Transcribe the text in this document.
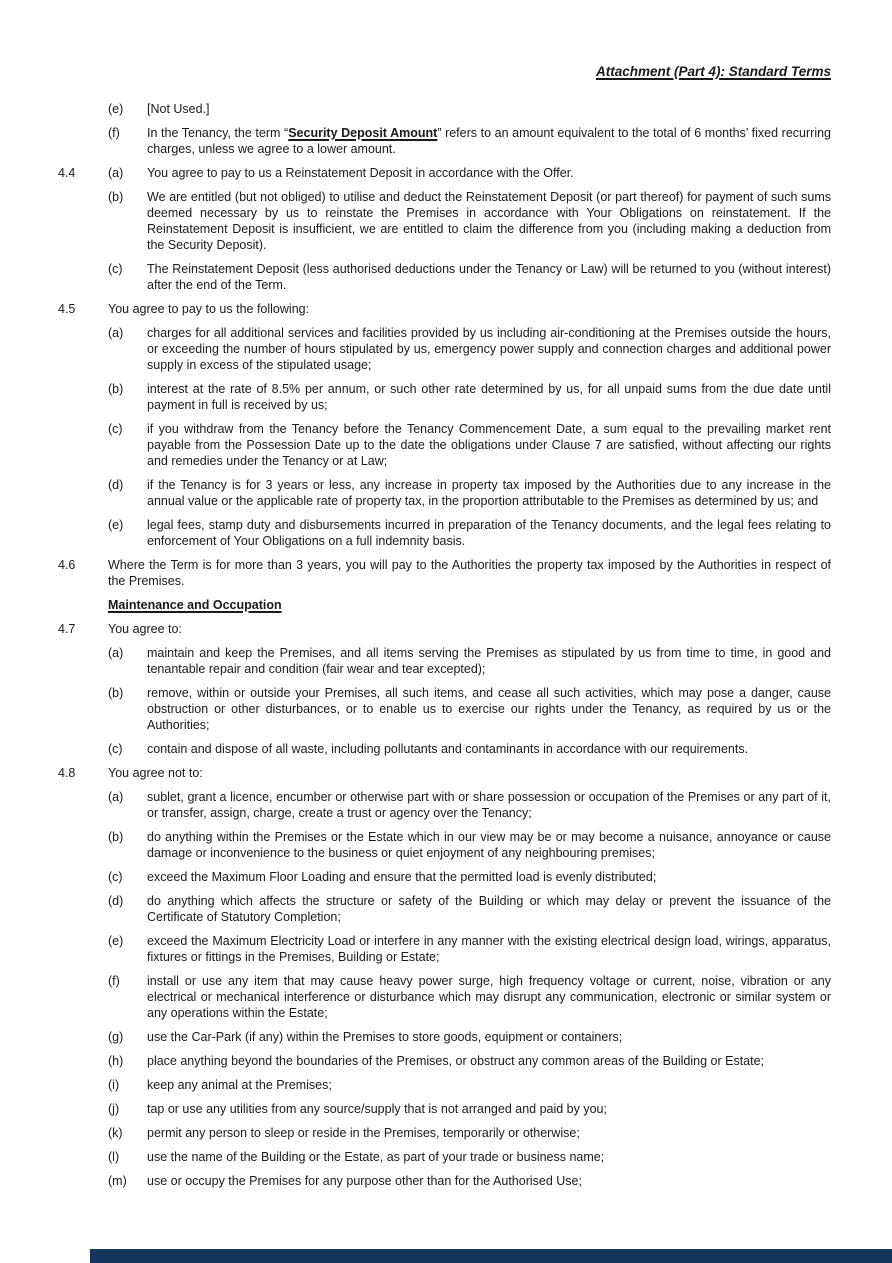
Attachment (Part 4): Standard Terms
(e)	[Not Used.]

(f)	In the Tenancy, the term “Security Deposit Amount” refers to an amount equivalent to the total of 6 months’ fixed recurring charges, unless we agree to a lower amount.

4.4	(a)	You agree to pay to us a Reinstatement Deposit in accordance with the Offer.

(b)	We are entitled (but not obliged) to utilise and deduct the Reinstatement Deposit (or part thereof) for payment of such sums deemed necessary by us to reinstate the Premises in accordance with Your Obligations on reinstatement. If the Reinstatement Deposit is insufficient, we are entitled to claim the difference from you (including making a deduction from the Security Deposit).

(c)	The Reinstatement Deposit (less authorised deductions under the Tenancy or Law) will be returned to you (without interest) after the end of the Term.

4.5	You agree to pay to us the following:

(a)	charges for all additional services and facilities provided by us including air-conditioning at the Premises outside the hours, or exceeding the number of hours stipulated by us, emergency power supply and connection charges and additional power supply in excess of the stipulated usage;

(b)	interest at the rate of 8.5% per annum, or such other rate determined by us, for all unpaid sums from the due date until payment in full is received by us;

(c)	if you withdraw from the Tenancy before the Tenancy Commencement Date, a sum equal to the prevailing market rent payable from the Possession Date up to the date the obligations under Clause 7 are satisfied, without affecting our rights and remedies under the Tenancy or at Law;

(d)	if the Tenancy is for 3 years or less, any increase in property tax imposed by the Authorities due to any increase in the annual value or the applicable rate of property tax, in the proportion attributable to the Premises as determined by us; and

(e)	legal fees, stamp duty and disbursements incurred in preparation of the Tenancy documents, and the legal fees relating to enforcement of Your Obligations on a full indemnity basis.

4.6	Where the Term is for more than 3 years, you will pay to the Authorities the property tax imposed by the Authorities in respect of the Premises.

Maintenance and Occupation
4.7	You agree to:

(a)	maintain and keep the Premises, and all items serving the Premises as stipulated by us from time to time, in good and tenantable repair and condition (fair wear and tear excepted);

(b)	remove, within or outside your Premises, all such items, and cease all such activities, which may pose a danger, cause obstruction or other disturbances, or to enable us to exercise our rights under the Tenancy, as required by us or the Authorities;

(c)	contain and dispose of all waste, including pollutants and contaminants in accordance with our requirements.

4.8	You agree not to:

(a)	sublet, grant a licence, encumber or otherwise part with or share possession or occupation of the Premises or any part of it, or transfer, assign, charge, create a trust or agency over the Tenancy;

(b)	do anything within the Premises or the Estate which in our view may be or may become a nuisance, annoyance or cause damage or inconvenience to the business or quiet enjoyment of any neighbouring premises;

(c)	exceed the Maximum Floor Loading and ensure that the permitted load is evenly distributed;

(d)	do anything which affects the structure or safety of the Building or which may delay or prevent the issuance of the Certificate of Statutory Completion;

(e)	exceed the Maximum Electricity Load or interfere in any manner with the existing electrical design load, wirings, apparatus, fixtures or fittings in the Premises, Building or Estate;

(f)	install or use any item that may cause heavy power surge, high frequency voltage or current, noise, vibration or any electrical or mechanical interference or disturbance which may disrupt any communication, electronic or similar system or any operations within the Estate;

(g)	use the Car-Park (if any) within the Premises to store goods, equipment or containers;

(h)	place anything beyond the boundaries of the Premises, or obstruct any common areas of the Building or Estate;

(i)	keep any animal at the Premises;

(j)	tap or use any utilities from any source/supply that is not arranged and paid by you;

(k)	permit any person to sleep or reside in the Premises, temporarily or otherwise;

(l)	use the name of the Building or the Estate, as part of your trade or business name;

(m)	use or occupy the Premises for any purpose other than for the Authorised Use;
